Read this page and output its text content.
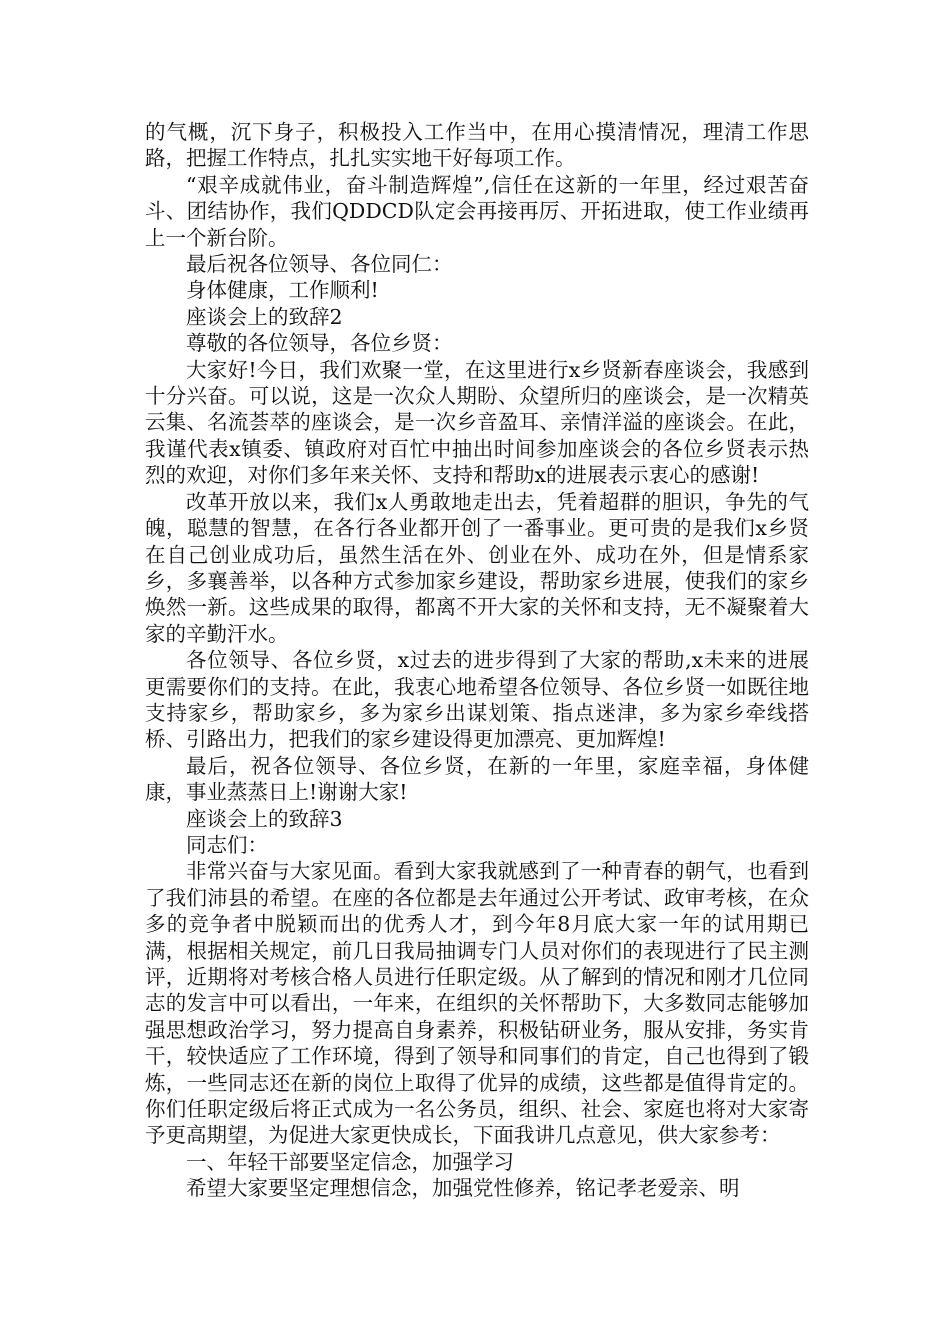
的气概，沉下身子，积极投入工作当中，在用心摸清情况，理清工作思路，把握工作特点，扎扎实实地干好每项工作。

“艰辛成就伟业，奋斗制造辉煌”,信任在这新的一年里，经过艰苦奋斗、团结协作，我们QDDCD队定会再接再厉、开拓进取，使工作业绩再上一个新台阶。

最后祝各位领导、各位同仁：

身体健康，工作顺利!

座谈会上的致辞2

尊敬的各位领导，各位乡贤：

大家好!今日，我们欢聚一堂，在这里进行x乡贤新春座谈会，我感到十分兴奋。可以说，这是一次众人期盼、众望所归的座谈会，是一次精英云集、名流荟萃的座谈会，是一次乡音盈耳、亲情洋溢的座谈会。在此，我谨代表x镇委、镇政府对百忙中抽出时间参加座谈会的各位乡贤表示热烈的欢迎，对你们多年来关怀、支持和帮助x的进展表示衷心的感谢!

改革开放以来，我们x人勇敢地走出去，凭着超群的胆识，争先的气魄，聪慧的智慧，在各行各业都开创了一番事业。更可贵的是我们x乡贤在自己创业成功后，虽然生活在外、创业在外、成功在外，但是情系家乡，多襄善举，以各种方式参加家乡建设，帮助家乡进展，使我们的家乡焕然一新。这些成果的取得，都离不开大家的关怀和支持，无不凝聚着大家的辛勤汗水。

各位领导、各位乡贤，x过去的进步得到了大家的帮助,x未来的进展更需要你们的支持。在此，我衷心地希望各位领导、各位乡贤一如既往地支持家乡，帮助家乡，多为家乡出谋划策、指点迷津，多为家乡牵线搭桥、引路出力，把我们的家乡建设得更加漂亮、更加辉煌!

最后，祝各位领导、各位乡贤，在新的一年里，家庭幸福，身体健康，事业蒸蒸日上!谢谢大家!

座谈会上的致辞3

同志们：

非常兴奋与大家见面。看到大家我就感到了一种青春的朝气，也看到了我们沛县的希望。在座的各位都是去年通过公开考试、政审考核，在众多的竞争者中脱颖而出的优秀人才，到今年8月底大家一年的试用期已满，根据相关规定，前几日我局抽调专门人员对你们的表现进行了民主测评，近期将对考核合格人员进行任职定级。从了解到的情况和刚才几位同志的发言中可以看出，一年来，在组织的关怀帮助下，大多数同志能够加强思想政治学习，努力提高自身素养，积极钻研业务，服从安排，务实肯干，较快适应了工作环境，得到了领导和同事们的肯定，自己也得到了锻炼，一些同志还在新的岗位上取得了优异的成绩，这些都是值得肯定的。你们任职定级后将正式成为一名公务员，组织、社会、家庭也将对大家寄予更高期望，为促进大家更快成长，下面我讲几点意见，供大家参考：

一、年轻干部要坚定信念，加强学习

希望大家要坚定理想信念，加强党性修养，铭记孝老爱亲、明
